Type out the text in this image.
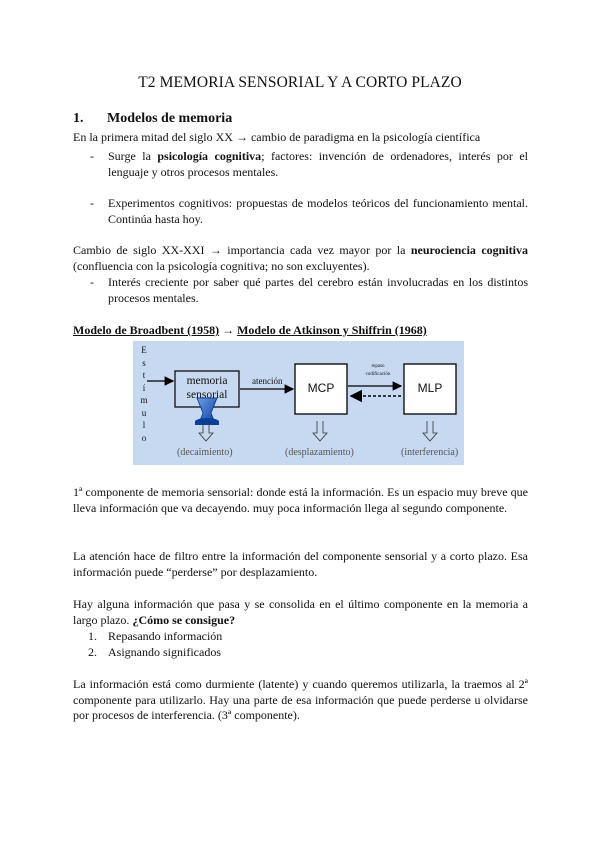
T2 MEMORIA SENSORIAL Y A CORTO PLAZO
1. Modelos de memoria

En la primera mitad del siglo XX → cambio de paradigma en la psicología científica

-	Surge la psicología cognitiva; factores: invención de ordenadores, interés por el lenguaje y otros procesos mentales.
-	Experimentos cognitivos: propuestas de modelos teóricos del funcionamiento mental. Continúa hasta hoy.

Cambio de siglo XX-XXI → importancia cada vez mayor por la neurociencia cognitiva (confluencia con la psicología cognitiva; no son excluyentes).

-	Interés creciente por saber qué partes del cerebro están involucradas en los distintos procesos mentales.
Modelo de Broadbent (1958) → Modelo de Atkinson y Shiffrin (1968)
E
s
t
í
m
u
l
o
memoria
sensorial
atención	MCP	MLP
repaso
codificación
(decaimiento)	(desplazamiento)	(interferencia)

1ª componente de memoria sensorial: donde está la información. Es un espacio muy breve que lleva información que va decayendo. muy poca información llega al segundo componente.

La atención hace de filtro entre la información del componente sensorial y a corto plazo. Esa información puede “perderse” por desplazamiento.

Hay alguna información que pasa y se consolida en el último componente en la memoria a largo plazo. ¿Cómo se consigue?

1. Repasando información
2. Asignando significados

La información está como durmiente (latente) y cuando queremos utilizarla, la traemos al 2ª componente para utilizarlo. Hay una parte de esa información que puede perderse u olvidarse por procesos de interferencia. (3ª componente).
